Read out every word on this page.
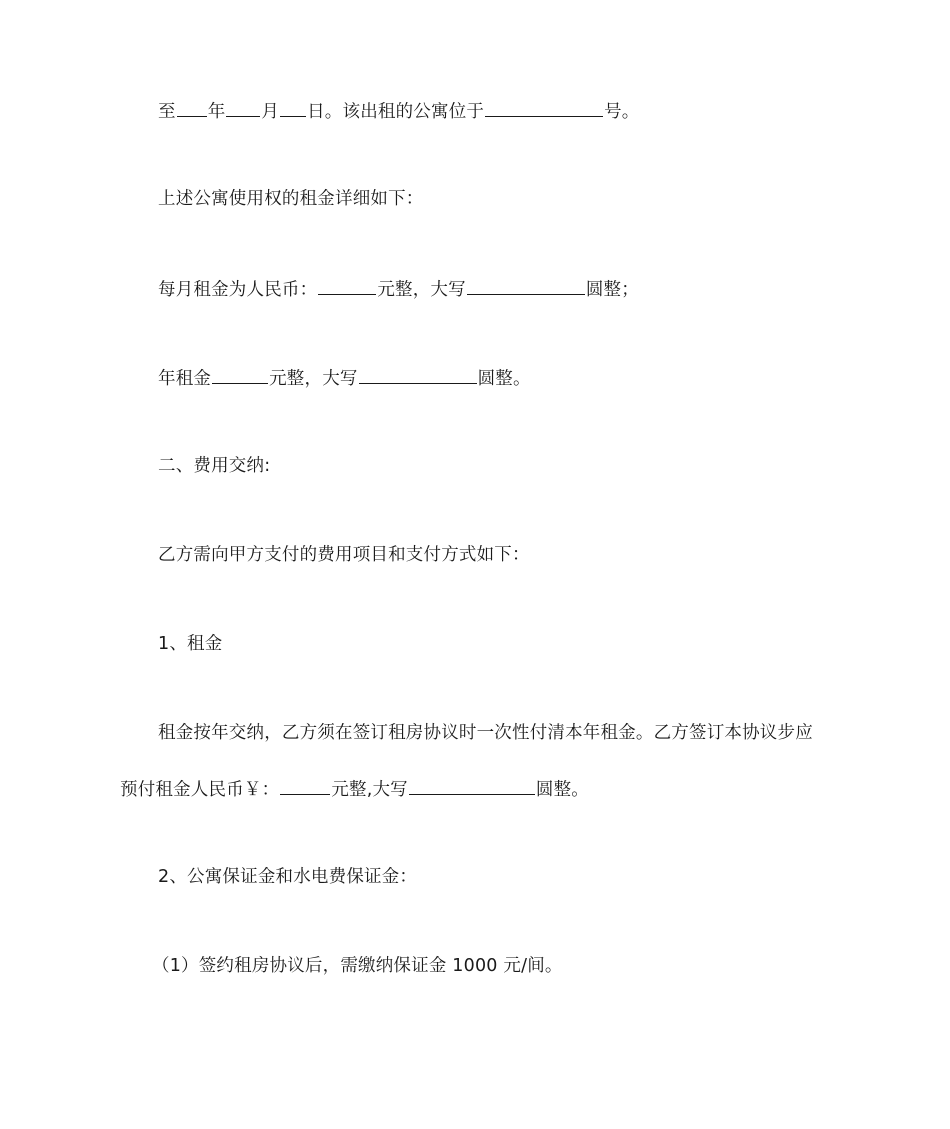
至 年 月 日。该出租的公寓位于	号。
上述公寓使用权的租金详细如下：
每月租金为人民币：	元整，大写	圆整；
年租金	元整，大写	圆整。
二、费用交纳:
乙方需向甲方支付的费用项目和支付方式如下：
1、租金
租金按年交纳，乙方须在签订租房协议时一次性付清本年租金。乙方签订本协议步应
预付租金人民币￥：	元整,大写	圆整。
2、公寓保证金和水电费保证金：
（1）签约租房协议后，需缴纳保证金 1000 元/间。
